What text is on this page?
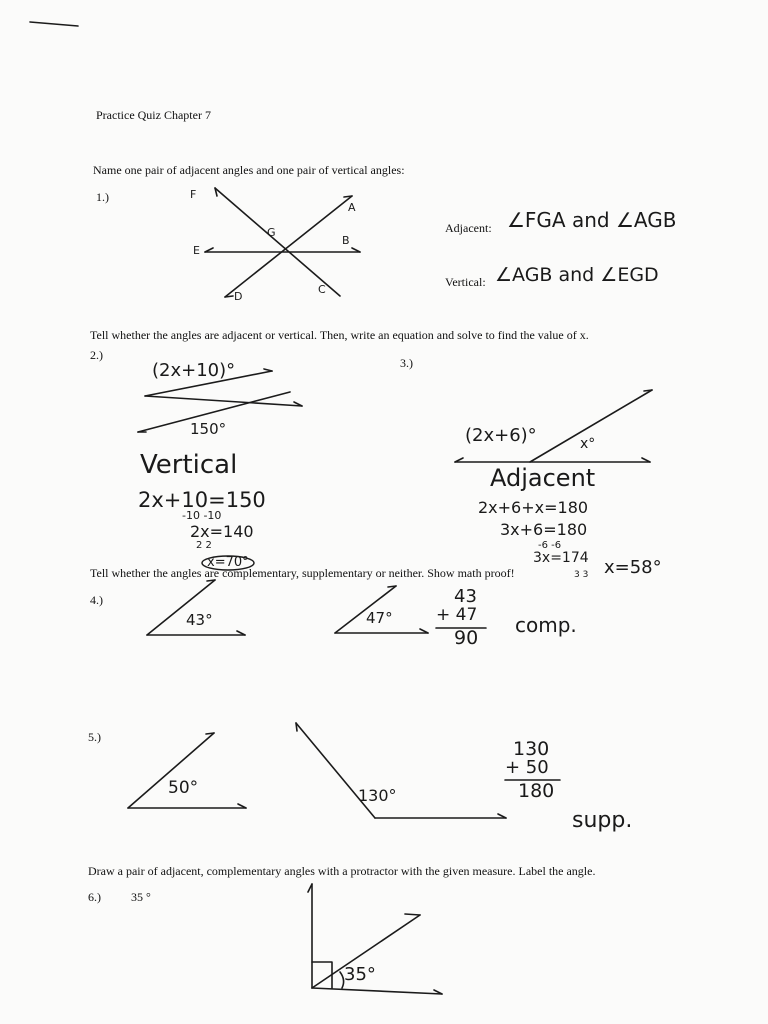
Practice Quiz Chapter 7
Name one pair of adjacent angles and one pair of vertical angles:
1.)
Adjacent:
Vertical:
Tell whether the angles are adjacent or vertical. Then, write an equation and solve to find the value of x.
2.)
3.)
Tell whether the angles are complementary, supplementary or neither. Show math proof!
4.)
5.)
Draw a pair of adjacent, complementary angles with a protractor with the given measure. Label the angle.
6.)	35 °
F
A
G
B
E
D
C
∠FGA and ∠AGB
∠AGB and ∠EGD
(2x+10)°
150°
Vertical
2x+10=150
-10 -10
2x=140
2 2
x=70°
(2x+6)°	x°
Adjacent
2x+6+x=180
3x+6=180
-6 -6
3x=174
3 3 x=58°
43°	47°
43
+ 47
90
comp.
50°	130°
130
+ 50
180
supp.
35°
